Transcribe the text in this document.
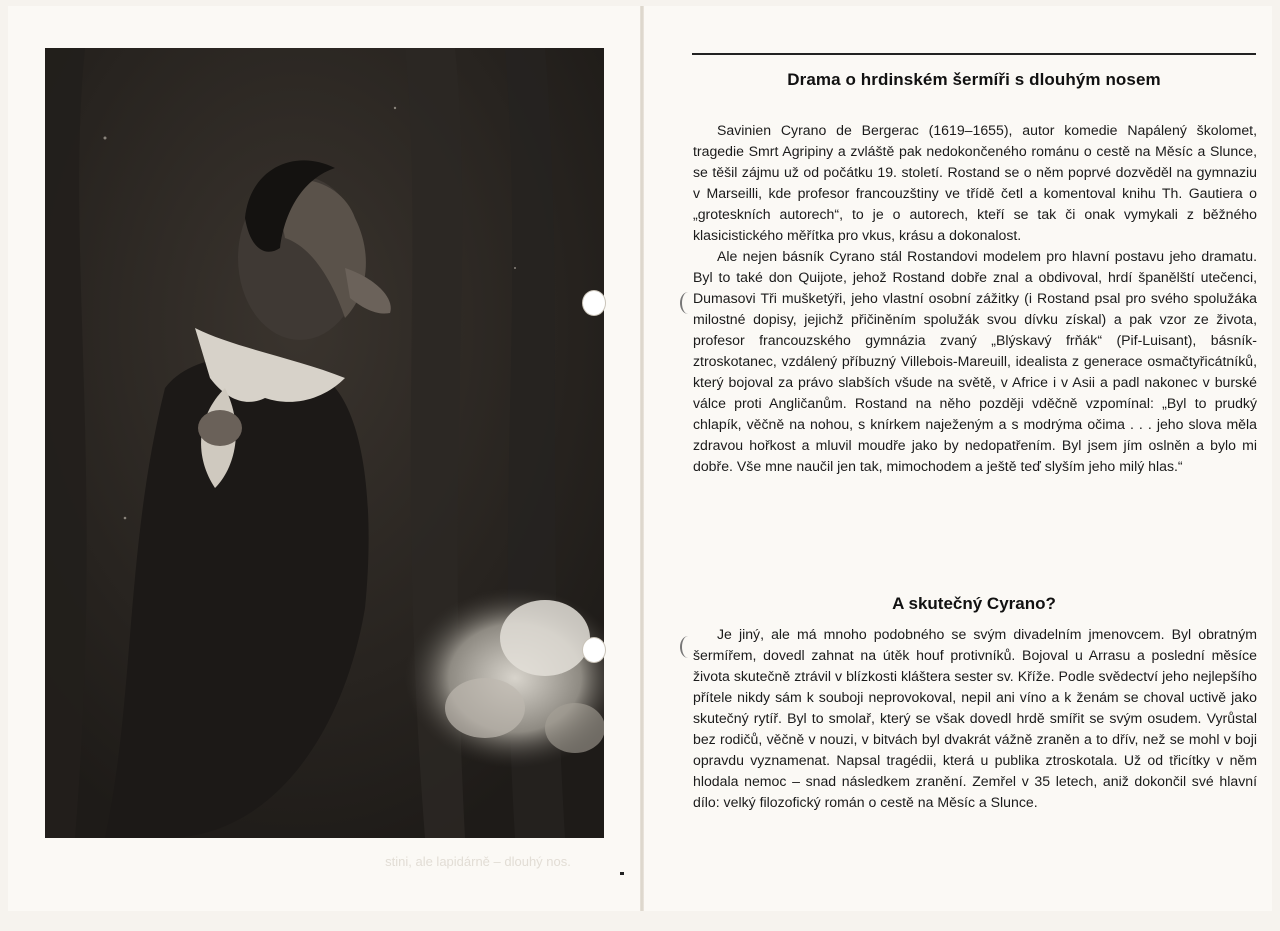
stini, ale lapidárně – dlouhý nos.
Drama o hrdinském šermíři s dlouhým nosem

Savinien Cyrano de Bergerac (1619–1655), autor komedie Napálený školomet, tragedie Smrt Agripiny a zvláště pak nedokončeného románu o cestě na Měsíc a Slunce, se těšil zájmu už od počátku 19. století. Rostand se o něm poprvé dozvěděl na gymnaziu v Marseilli, kde profesor francouzštiny ve třídě četl a komentoval knihu Th. Gautiera o „groteskních autorech“, to je o autorech, kteří se tak či onak vymykali z běžného klasicistického měřítka pro vkus, krásu a dokonalost.

Ale nejen básník Cyrano stál Rostandovi modelem pro hlavní postavu jeho dramatu. Byl to také don Quijote, jehož Rostand dobře znal a obdivoval, hrdí španělští utečenci, Dumasovi Tři mušketýři, jeho vlastní osobní zážitky (i Rostand psal pro svého spolužáka milostné dopisy, jejichž přičiněním spolužák svou dívku získal) a pak vzor ze života, profesor francouzského gymnázia zvaný „Blýskavý frňák“ (Pif-Luisant), básník-ztroskotanec, vzdálený příbuzný Villebois-Mareuill, idealista z generace osmačtyřicátníků, který bojoval za právo slabších všude na světě, v Africe i v Asii a padl nakonec v burské válce proti Angličanům. Rostand na něho později vděčně vzpomínal: „Byl to prudký chlapík, věčně na nohou, s knírkem naježeným a s modrýma očima . . . jeho slova měla zdravou hořkost a mluvil moudře jako by nedopatřením. Byl jsem jím oslněn a bylo mi dobře. Vše mne naučil jen tak, mimochodem a ještě teď slyším jeho milý hlas.“

A skutečný Cyrano?

Je jiný, ale má mnoho podobného se svým divadelním jmenovcem. Byl obratným šermířem, dovedl zahnat na útěk houf protivníků. Bojoval u Arrasu a poslední měsíce života skutečně ztrávil v blízkosti kláštera sester sv. Kříže. Podle svědectví jeho nejlepšího přítele nikdy sám k souboji neprovokoval, nepil ani víno a k ženám se choval uctivě jako skutečný rytíř. Byl to smolař, který se však dovedl hrdě smířit se svým osudem. Vyrůstal bez rodičů, věčně v nouzi, v bitvách byl dvakrát vážně zraněn a to dřív, než se mohl v boji opravdu vyznamenat. Napsal tragédii, která u publika ztroskotala. Už od třicítky v něm hlodala nemoc – snad následkem zranění. Zemřel v 35 letech, aniž dokončil své hlavní dílo: velký filozofický román o cestě na Měsíc a Slunce.
